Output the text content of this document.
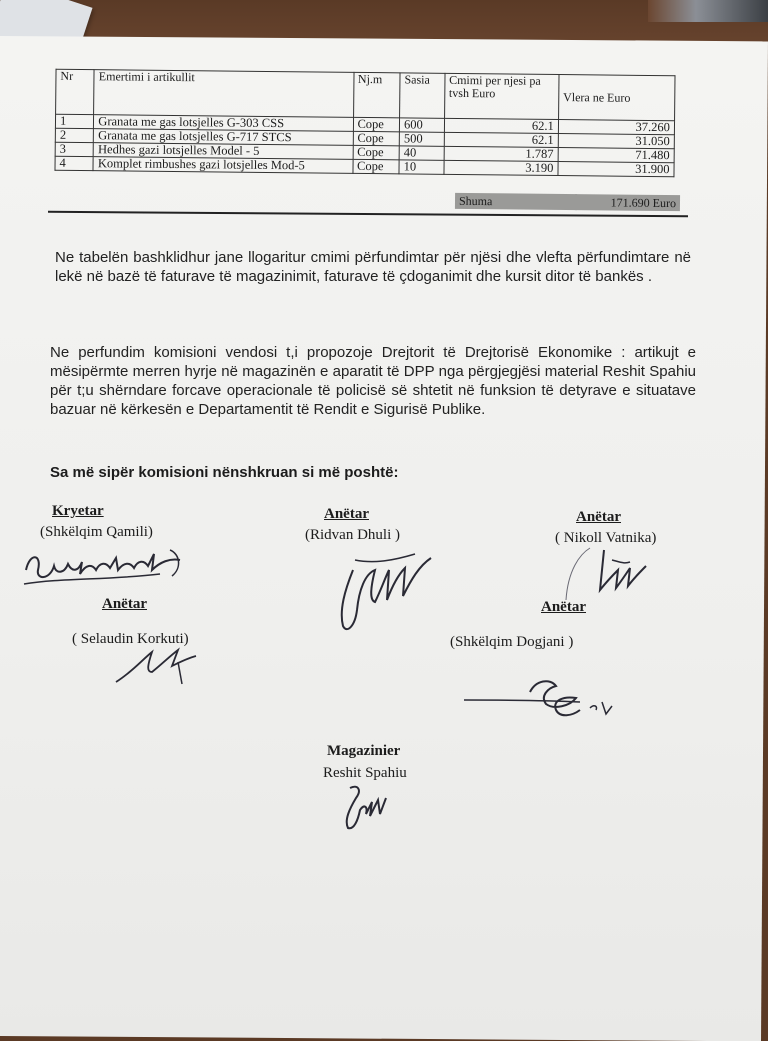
Nr	Emertimi i artikullit	Nj.m	Sasia	Cmimi per njesi pa tvsh Euro	Vlera ne Euro
1	Granata me gas lotsjelles G-303 CSS	Cope	600	62.1	37.260
2	Granata me gas lotsjelles G-717 STCS	Cope	500	62.1	31.050
3	Hedhes gazi lotsjelles Model - 5	Cope	40	1.787	71.480
4	Komplet rimbushes gazi lotsjelles Mod-5	Cope	10	3.190	31.900
Shuma	171.690 Euro
Ne tabelën bashklidhur jane llogaritur cmimi përfundimtar për njësi dhe vlefta përfundimtare në lekë në bazë të faturave të magazinimit, faturave të çdoganimit dhe kursit ditor të bankës .
Ne perfundim komisioni vendosi t,i propozoje Drejtorit të Drejtorisë Ekonomike : artikujt e mësipërmte merren hyrje në magazinën e aparatit të DPP nga përgjegjësi material Reshit Spahiu për t;u shërndare forcave operacionale të policisë së shtetit në funksion të detyrave e situatave bazuar në kërkesën e Departamentit të Rendit e Sigurisë Publike.
Sa më sipër komisioni nënshkruan si më poshtë:
Kryetar
(Shkëlqim Qamili)
Anëtar
(Ridvan Dhuli )
Anëtar
( Nikoll Vatnika)
Anëtar
( Selaudin Korkuti)
Anëtar
(Shkëlqim Dogjani )
Magazinier
Reshit Spahiu
